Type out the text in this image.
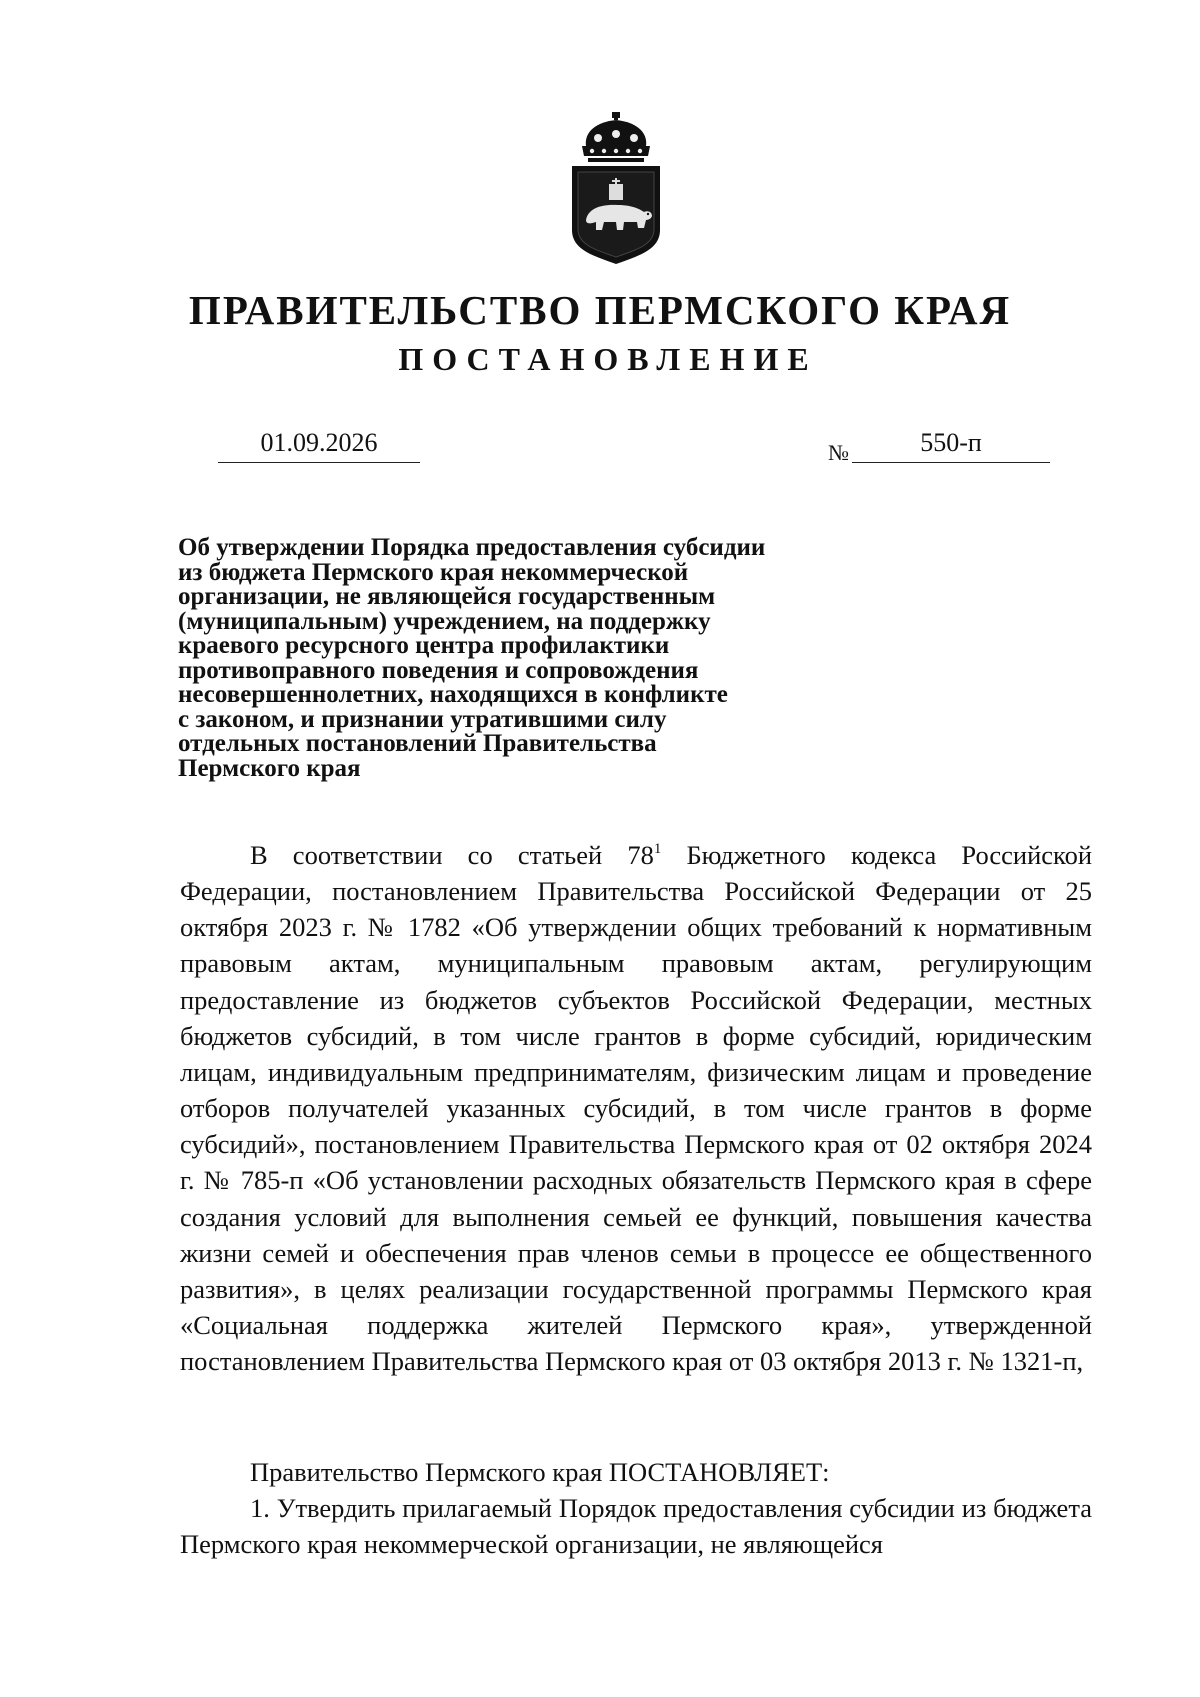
ПРАВИТЕЛЬСТВО ПЕРМСКОГО КРАЯ
ПОСТАНОВЛЕНИЕ
01.09.2026	№	550-п

Об утверждении Порядка предоставления субсидии
из бюджета Пермского края некоммерческой
организации, не являющейся государственным
(муниципальным) учреждением, на поддержку
краевого ресурсного центра профилактики
противоправного поведения и сопровождения
несовершеннолетних, находящихся в конфликте
с законом, и признании утратившими силу
отдельных постановлений Правительства
Пермского края

В соответствии со статьей $78^1$ Бюджетного кодекса Российской Федерации, постановлением Правительства Российской Федерации от 25 октября 2023 г. № 1782 «Об утверждении общих требований к нормативным правовым актам, муниципальным правовым актам, регулирующим предоставление из бюджетов субъектов Российской Федерации, местных бюджетов субсидий, в том числе грантов в форме субсидий, юридическим лицам, индивидуальным предпринимателям, физическим лицам и проведение отборов получателей указанных субсидий, в том числе грантов в форме субсидий», постановлением Правительства Пермского края от 02 октября 2024 г. № 785-п «Об установлении расходных обязательств Пермского края в сфере создания условий для выполнения семьей ее функций, повышения качества жизни семей и обеспечения прав членов семьи в процессе ее общественного развития», в целях реализации государственной программы Пермского края «Социальная поддержка жителей Пермского края», утвержденной постановлением Правительства Пермского края от 03 октября 2013 г. № 1321-п,

Правительство Пермского края ПОСТАНОВЛЯЕТ:

1. Утвердить прилагаемый Порядок предоставления субсидии из бюджета Пермского края некоммерческой организации, не являющейся
